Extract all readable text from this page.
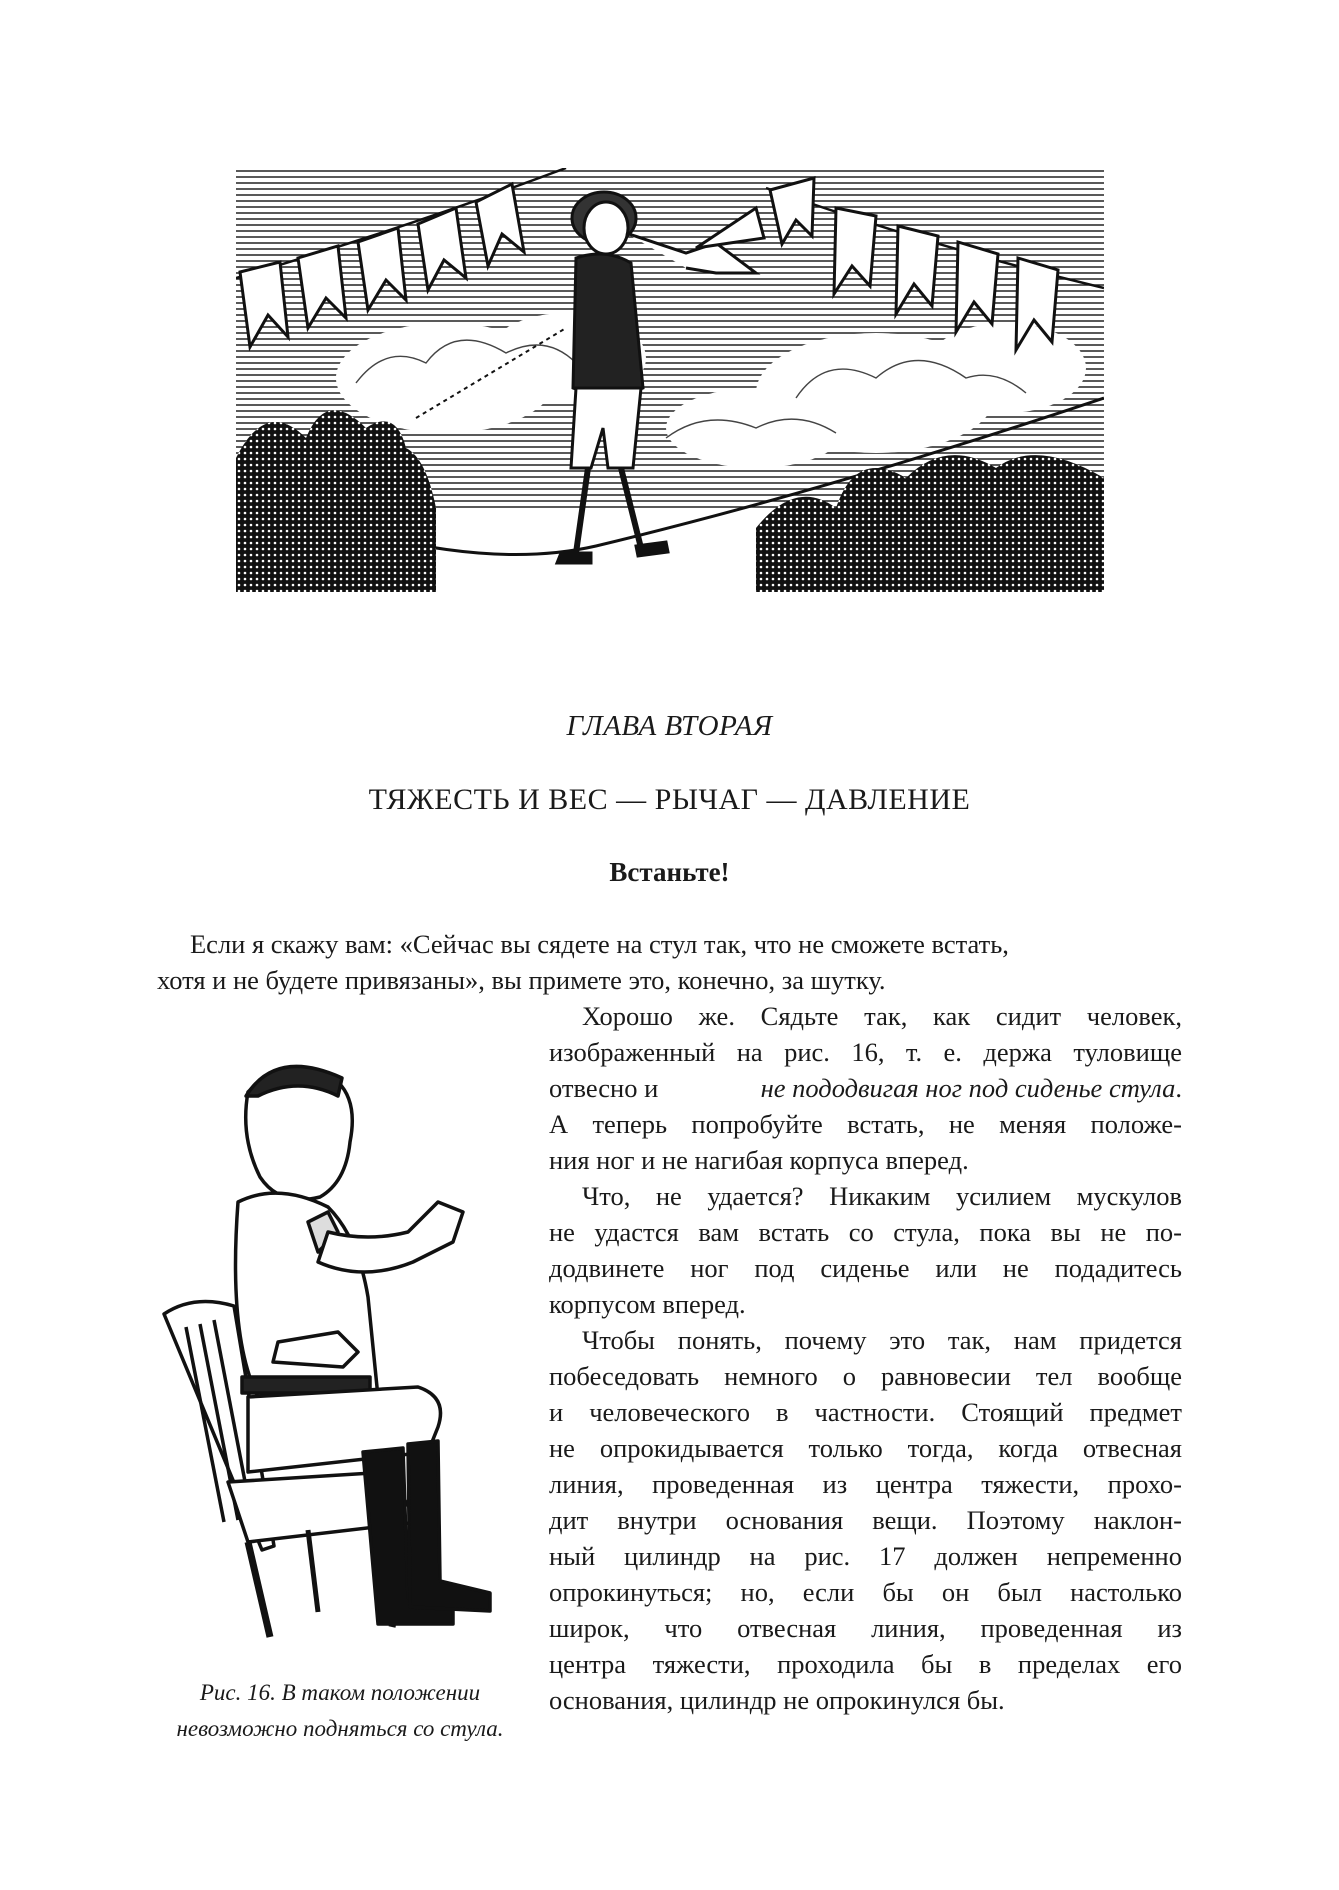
ГЛАВА ВТОРАЯ
ТЯЖЕСТЬ И ВЕС — РЫЧАГ — ДАВЛЕНИЕ
Встаньте!
Если я скажу вам: «Сейчас вы сядете на стул так, что не сможете встать,
хотя и не будете привязаны», вы примете это, конечно, за шутку.
Хорошо же. Сядьте так, как сидит человек,
изображенный на рис. 16, т. е. держа туловище
отвесно и	не пододвигая ног под сиденье стула.
А теперь попробуйте встать, не меняя положе-
ния ног и не нагибая корпуса вперед.
Что, не удается? Никаким усилием мускулов
не удастся вам встать со стула, пока вы не по-
додвинете ног под сиденье или не подадитесь
корпусом вперед.
Чтобы понять, почему это так, нам придется
побеседовать немного о равновесии тел вообще
и человеческого в частности. Стоящий предмет
не опрокидывается только тогда, когда отвесная
линия, проведенная из центра тяжести, прохо-
дит внутри основания вещи. Поэтому наклон-
ный цилиндр на рис. 17 должен непременно
опрокинуться; но, если бы он был настолько
широк, что отвесная линия, проведенная из
центра тяжести, проходила бы в пределах его
основания, цилиндр не опрокинулся бы.
Рис. 16. В таком положении
невозможно подняться со стула.
